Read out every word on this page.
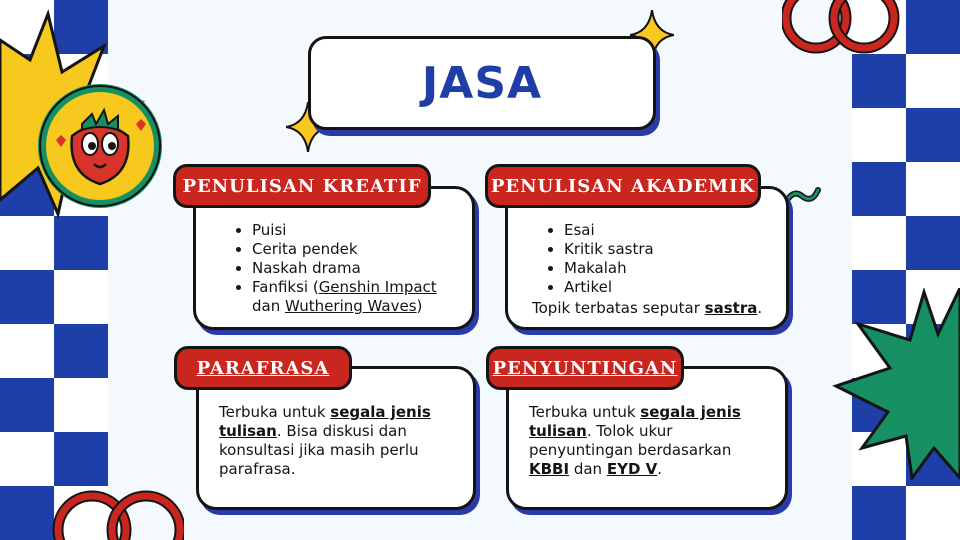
JASA
• Puisi
• Cerita pendek
• Naskah drama
• Fanfiksi (Genshin Impact
dan Wuthering Waves)
PENULISAN KREATIF
• Esai
• Kritik sastra
• Makalah
• Artikel
Topik terbatas seputar sastra.
PENULISAN AKADEMIK
Terbuka untuk segala jenis tulisan. Bisa diskusi dan konsultasi jika masih perlu parafrasa.
PARAFRASA
Terbuka untuk segala jenis tulisan. Tolok ukur penyuntingan berdasarkan KBBI dan EYD V.
PENYUNTINGAN
